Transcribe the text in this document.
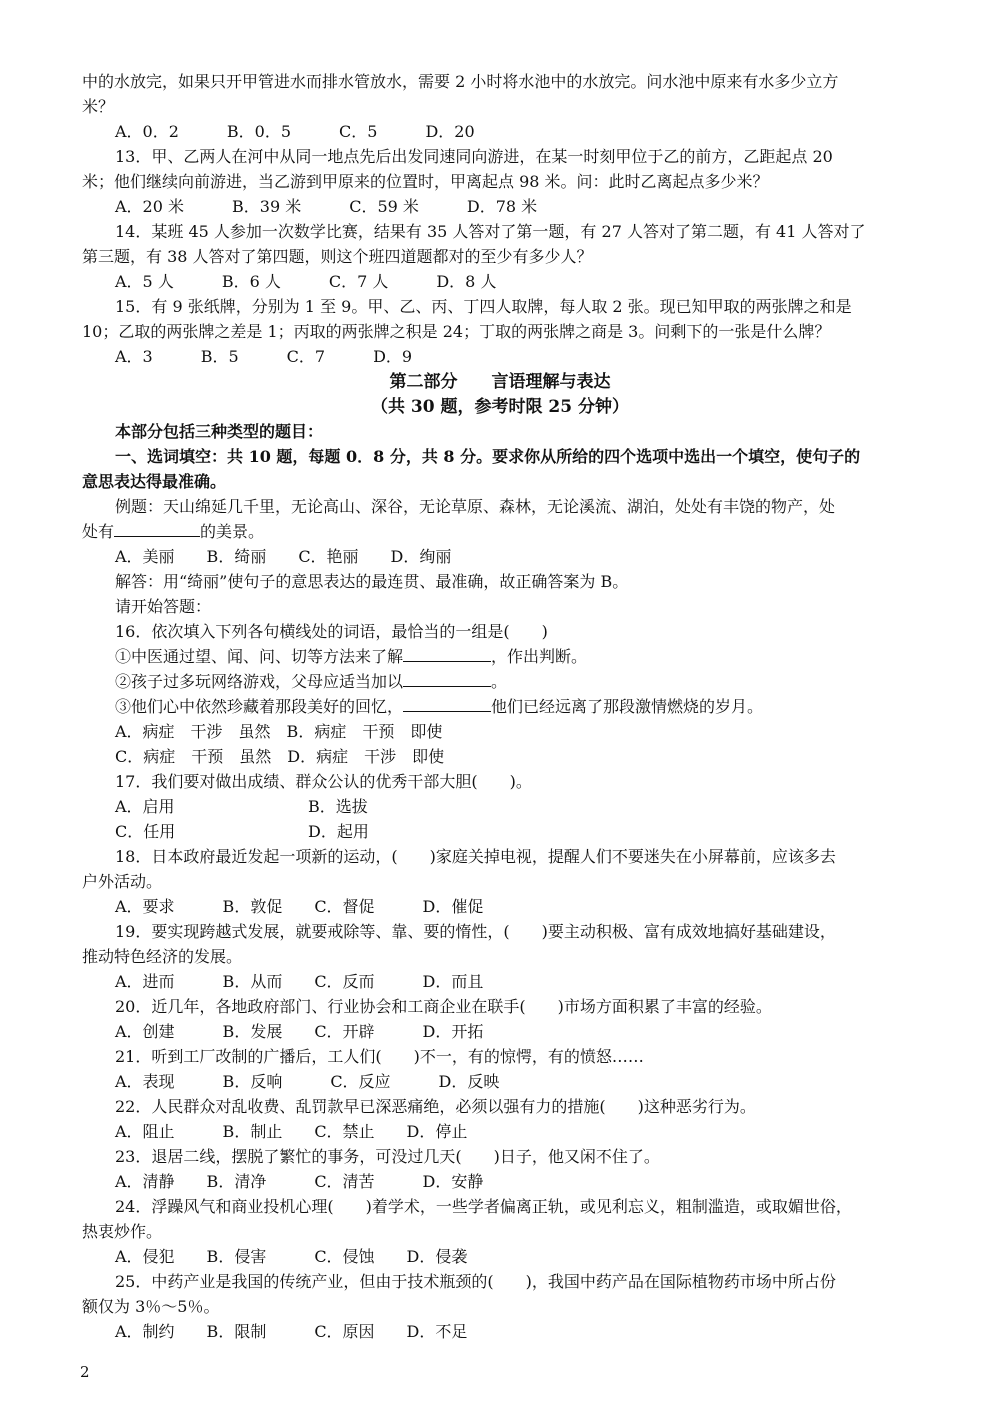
中的水放完，如果只开甲管进水而排水管放水，需要 2 小时将水池中的水放完。问水池中原来有水多少立方
米？
A．0．2　　　B．0．5　　　C．5　　　D．20
13．甲、乙两人在河中从同一地点先后出发同速同向游进，在某一时刻甲位于乙的前方，乙距起点 20
米；他们继续向前游进，当乙游到甲原来的位置时，甲离起点 98 米。问：此时乙离起点多少米？
A．20 米　　　B．39 米　　　C．59 米　　　D．78 米
14．某班 45 人参加一次数学比赛，结果有 35 人答对了第一题，有 27 人答对了第二题，有 41 人答对了
第三题，有 38 人答对了第四题，则这个班四道题都对的至少有多少人？
A．5 人　　　B．6 人　　　C．7 人　　　D．8 人
15．有 9 张纸牌，分别为 1 至 9。甲、乙、丙、丁四人取牌，每人取 2 张。现已知甲取的两张牌之和是
10；乙取的两张牌之差是 1；丙取的两张牌之积是 24；丁取的两张牌之商是 3。问剩下的一张是什么牌？
A．3　　　B．5　　　C．7　　　D．9
第二部分　　言语理解与表达
（共 30 题，参考时限 25 分钟）
本部分包括三种类型的题目：
一、选词填空：共 10 题，每题 0．8 分，共 8 分。要求你从所给的四个选项中选出一个填空，使句子的
意思表达得最准确。
例题：天山绵延几千里，无论高山、深谷，无论草原、森林，无论溪流、湖泊，处处有丰饶的物产，处
处有	的美景。
A．美丽　　B．绮丽　　C．艳丽　　D．绚丽
解答：用“绮丽”使句子的意思表达的最连贯、最准确，故正确答案为 B。
请开始答题：
16．依次填入下列各句横线处的词语，最恰当的一组是(　　)
①中医通过望、闻、问、切等方法来了解	，作出判断。
②孩子过多玩网络游戏，父母应适当加以	。
③他们心中依然珍藏着那段美好的回忆，	他们已经远离了那段激情燃烧的岁月。
A．病症　干涉　虽然　B．病症　干预　即使
C．病症　干预　虽然　D．病症　干涉　即使
17．我们要对做出成绩、群众公认的优秀干部大胆(　　)。
A．启用	B．选拔
C．任用	D．起用
18．日本政府最近发起一项新的运动，(　　)家庭关掉电视，提醒人们不要迷失在小屏幕前，应该多去
户外活动。
A．要求　　　B．敦促　　C．督促　　　D．催促
19．要实现跨越式发展，就要戒除等、靠、要的惰性，(　　)要主动积极、富有成效地搞好基础建设，
推动特色经济的发展。
A．进而　　　B．从而　　C．反而　　　D．而且
20．近几年，各地政府部门、行业协会和工商企业在联手(　　)市场方面积累了丰富的经验。
A．创建　　　B．发展　　C．开辟　　　D．开拓
21．听到工厂改制的广播后，工人们(　　)不一，有的惊愕，有的愤怒……
A．表现　　　B．反响　　　C．反应　　　D．反映
22．人民群众对乱收费、乱罚款早已深恶痛绝，必须以强有力的措施(　　)这种恶劣行为。
A．阻止　　　B．制止　　C．禁止　　D．停止
23．退居二线，摆脱了繁忙的事务，可没过几天(　　)日子，他又闲不住了。
A．清静　　B．清净　　　C．清苦　　　D．安静
24．浮躁风气和商业投机心理(　　)着学术，一些学者偏离正轨，或见利忘义，粗制滥造，或取媚世俗，
热衷炒作。
A．侵犯　　B．侵害　　　C．侵蚀　　D．侵袭
25．中药产业是我国的传统产业，但由于技术瓶颈的(　　)，我国中药产品在国际植物药市场中所占份
额仅为 3％～5％。
A．制约　　B．限制　　　C．原因　　D．不足
2
